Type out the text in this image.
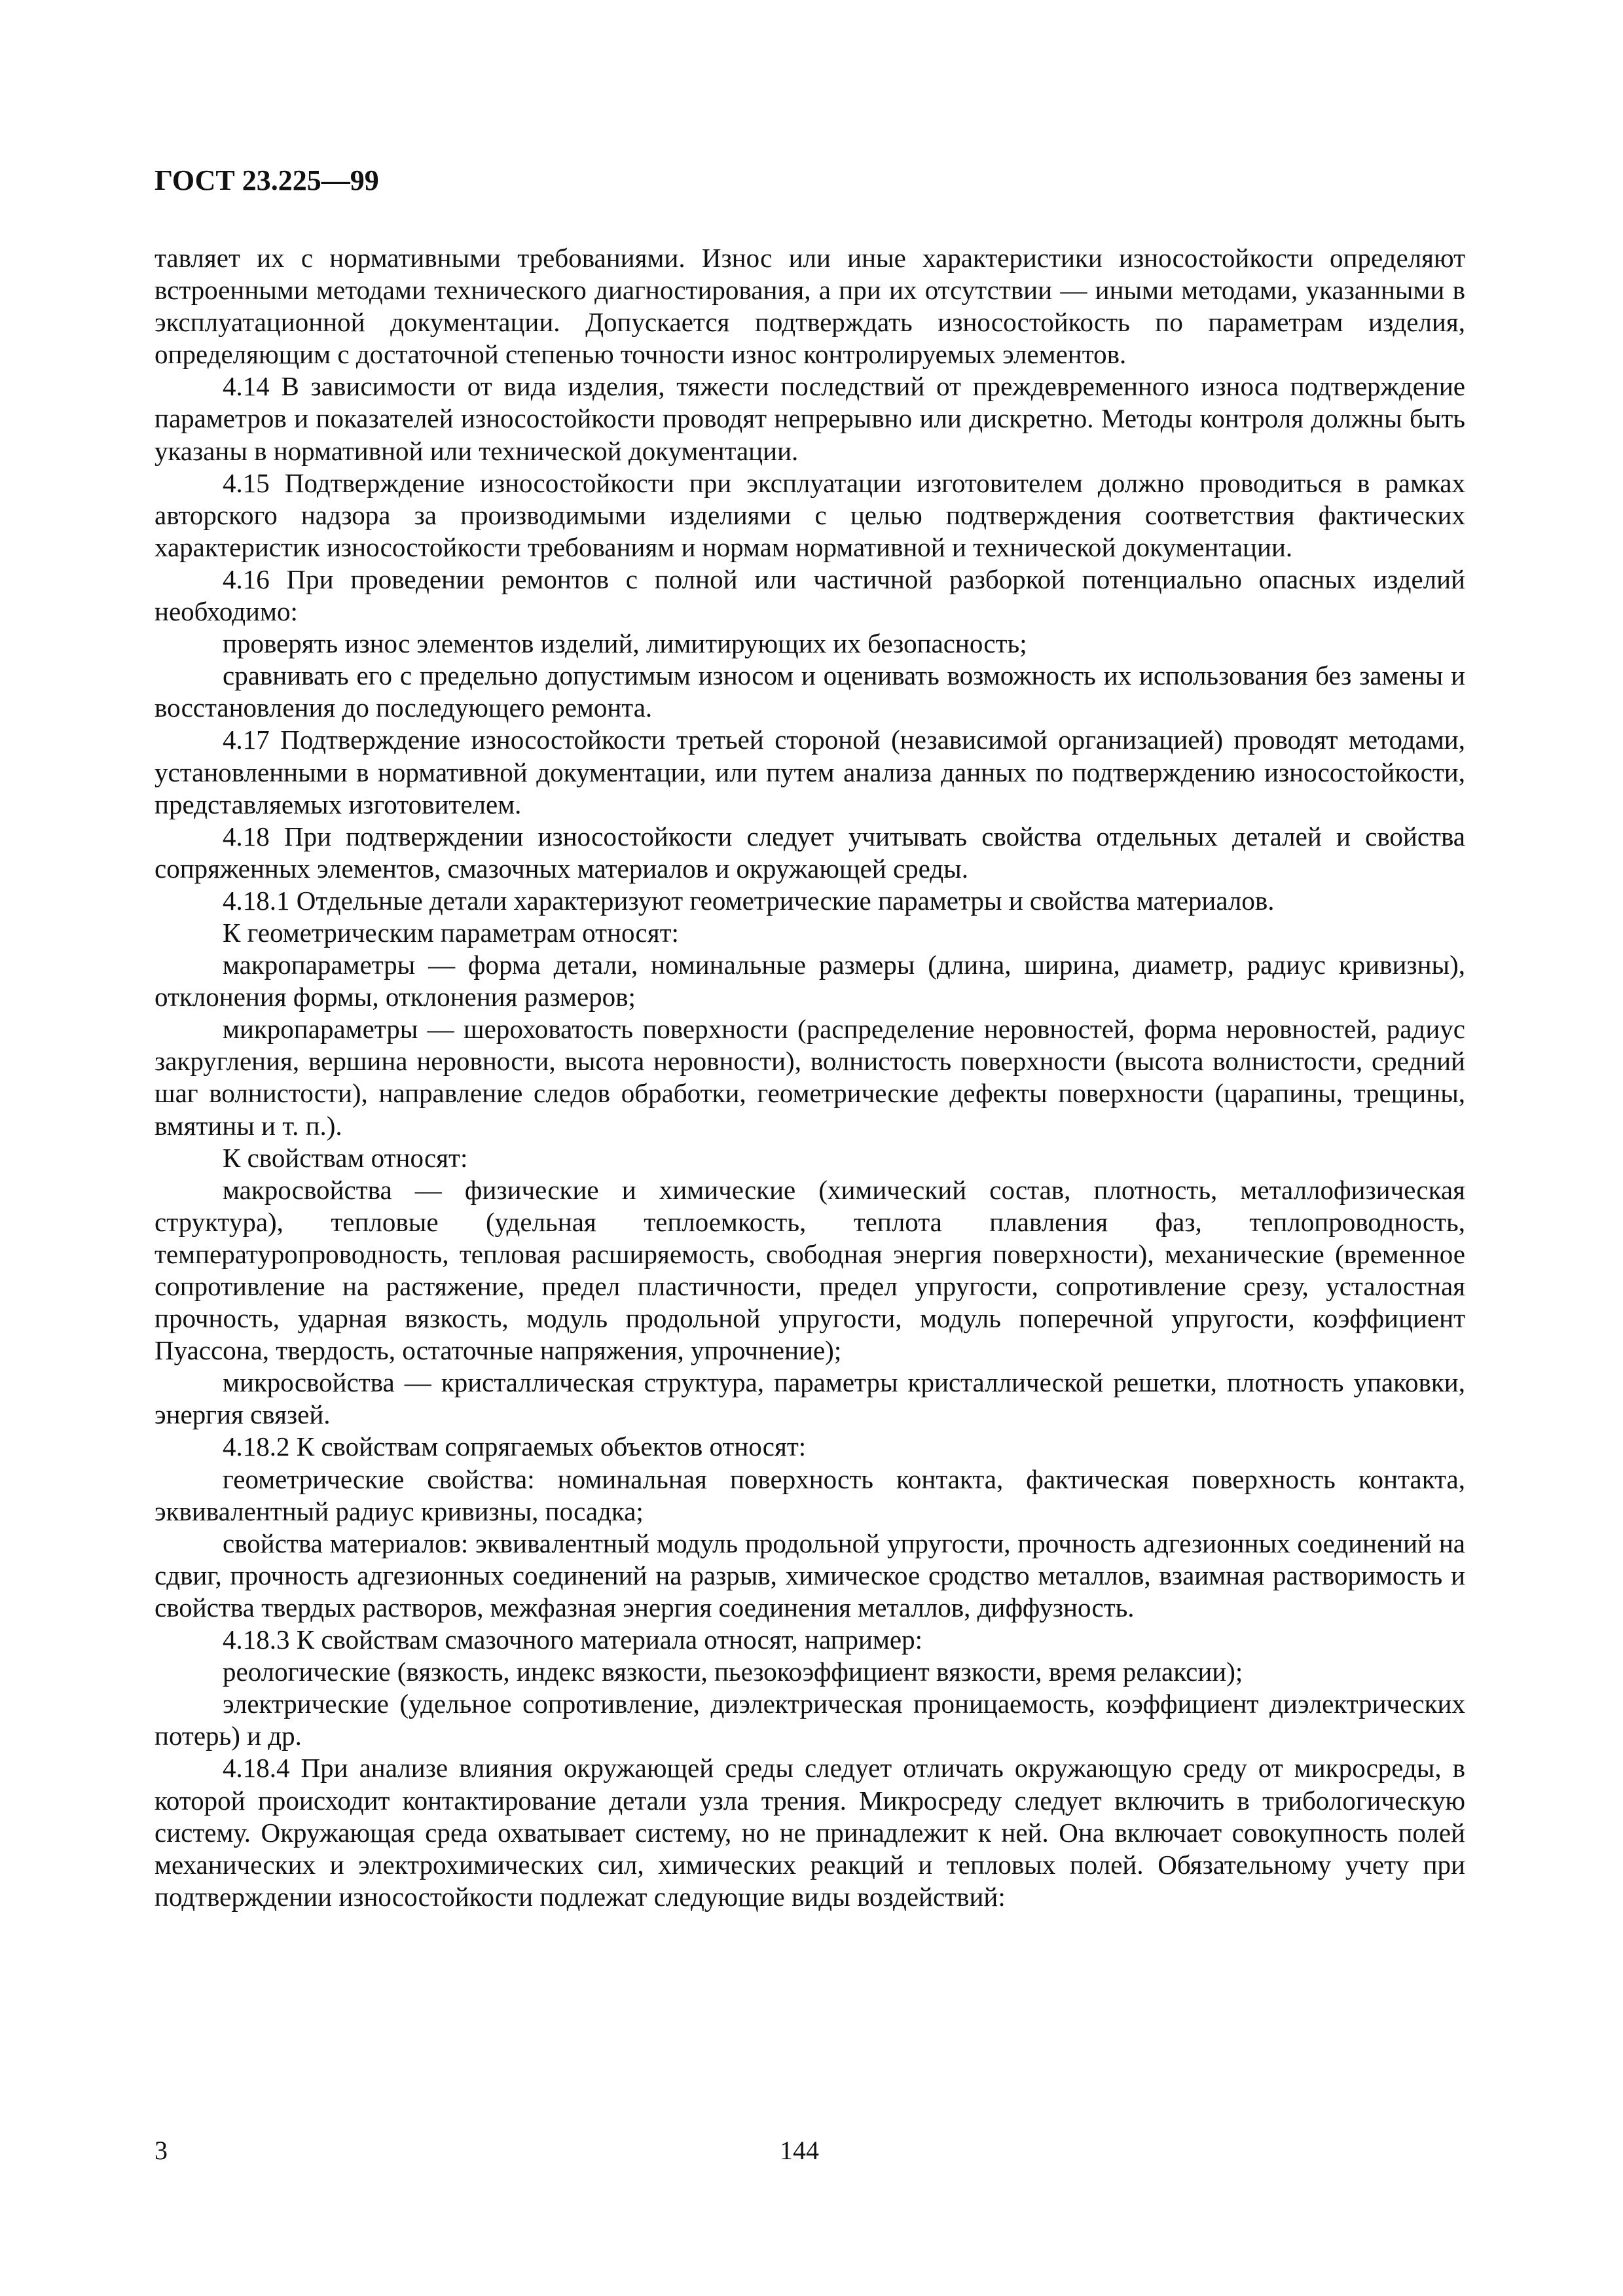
ГОСТ 23.225—99

тавляет их с нормативными требованиями. Износ или иные характеристики износостойкости определяют встроенными методами технического диагностирования, а при их отсутствии — иными методами, указанными в эксплуатационной документации. Допускается подтверждать износостойкость по параметрам изделия, определяющим с достаточной степенью точности износ контролируемых элементов.

4.14 В зависимости от вида изделия, тяжести последствий от преждевременного износа подтверждение параметров и показателей износостойкости проводят непрерывно или дискретно. Методы контроля должны быть указаны в нормативной или технической документации.

4.15 Подтверждение износостойкости при эксплуатации изготовителем должно проводиться в рамках авторского надзора за производимыми изделиями с целью подтверждения соответствия фактических характеристик износостойкости требованиям и нормам нормативной и технической документации.

4.16 При проведении ремонтов с полной или частичной разборкой потенциально опасных изделий необходимо:

проверять износ элементов изделий, лимитирующих их безопасность;

сравнивать его с предельно допустимым износом и оценивать возможность их использования без замены и восстановления до последующего ремонта.

4.17 Подтверждение износостойкости третьей стороной (независимой организацией) проводят методами, установленными в нормативной документации, или путем анализа данных по подтверждению износостойкости, представляемых изготовителем.

4.18 При подтверждении износостойкости следует учитывать свойства отдельных деталей и свойства сопряженных элементов, смазочных материалов и окружающей среды.

4.18.1 Отдельные детали характеризуют геометрические параметры и свойства материалов.

К геометрическим параметрам относят:

макропараметры — форма детали, номинальные размеры (длина, ширина, диаметр, радиус кривизны), отклонения формы, отклонения размеров;

микропараметры — шероховатость поверхности (распределение неровностей, форма неровностей, радиус закругления, вершина неровности, высота неровности), волнистость поверхности (высота волнистости, средний шаг волнистости), направление следов обработки, геометрические дефекты поверхности (царапины, трещины, вмятины и т. п.).

К свойствам относят:

макросвойства — физические и химические (химический состав, плотность, металлофизическая структура), тепловые (удельная теплоемкость, теплота плавления фаз, теплопроводность, температуропроводность, тепловая расширяемость, свободная энергия поверхности), механические (временное сопротивление на растяжение, предел пластичности, предел упругости, сопротивление срезу, усталостная прочность, ударная вязкость, модуль продольной упругости, модуль поперечной упругости, коэффициент Пуассона, твердость, остаточные напряжения, упрочнение);

микросвойства — кристаллическая структура, параметры кристаллической решетки, плотность упаковки, энергия связей.

4.18.2 К свойствам сопрягаемых объектов относят:

геометрические свойства: номинальная поверхность контакта, фактическая поверхность контакта, эквивалентный радиус кривизны, посадка;

свойства материалов: эквивалентный модуль продольной упругости, прочность адгезионных соединений на сдвиг, прочность адгезионных соединений на разрыв, химическое сродство металлов, взаимная растворимость и свойства твердых растворов, межфазная энергия соединения металлов, диффузность.

4.18.3 К свойствам смазочного материала относят, например:

реологические (вязкость, индекс вязкости, пьезокоэффициент вязкости, время релаксии);

электрические (удельное сопротивление, диэлектрическая проницаемость, коэффициент диэлектрических потерь) и др.

4.18.4 При анализе влияния окружающей среды следует отличать окружающую среду от микросреды, в которой происходит контактирование детали узла трения. Микросреду следует включить в трибологическую систему. Окружающая среда охватывает систему, но не принадлежит к ней. Она включает совокупность полей механических и электрохимических сил, химических реакций и тепловых полей. Обязательному учету при подтверждении износостойкости подлежат следующие виды воздействий:

3	144
